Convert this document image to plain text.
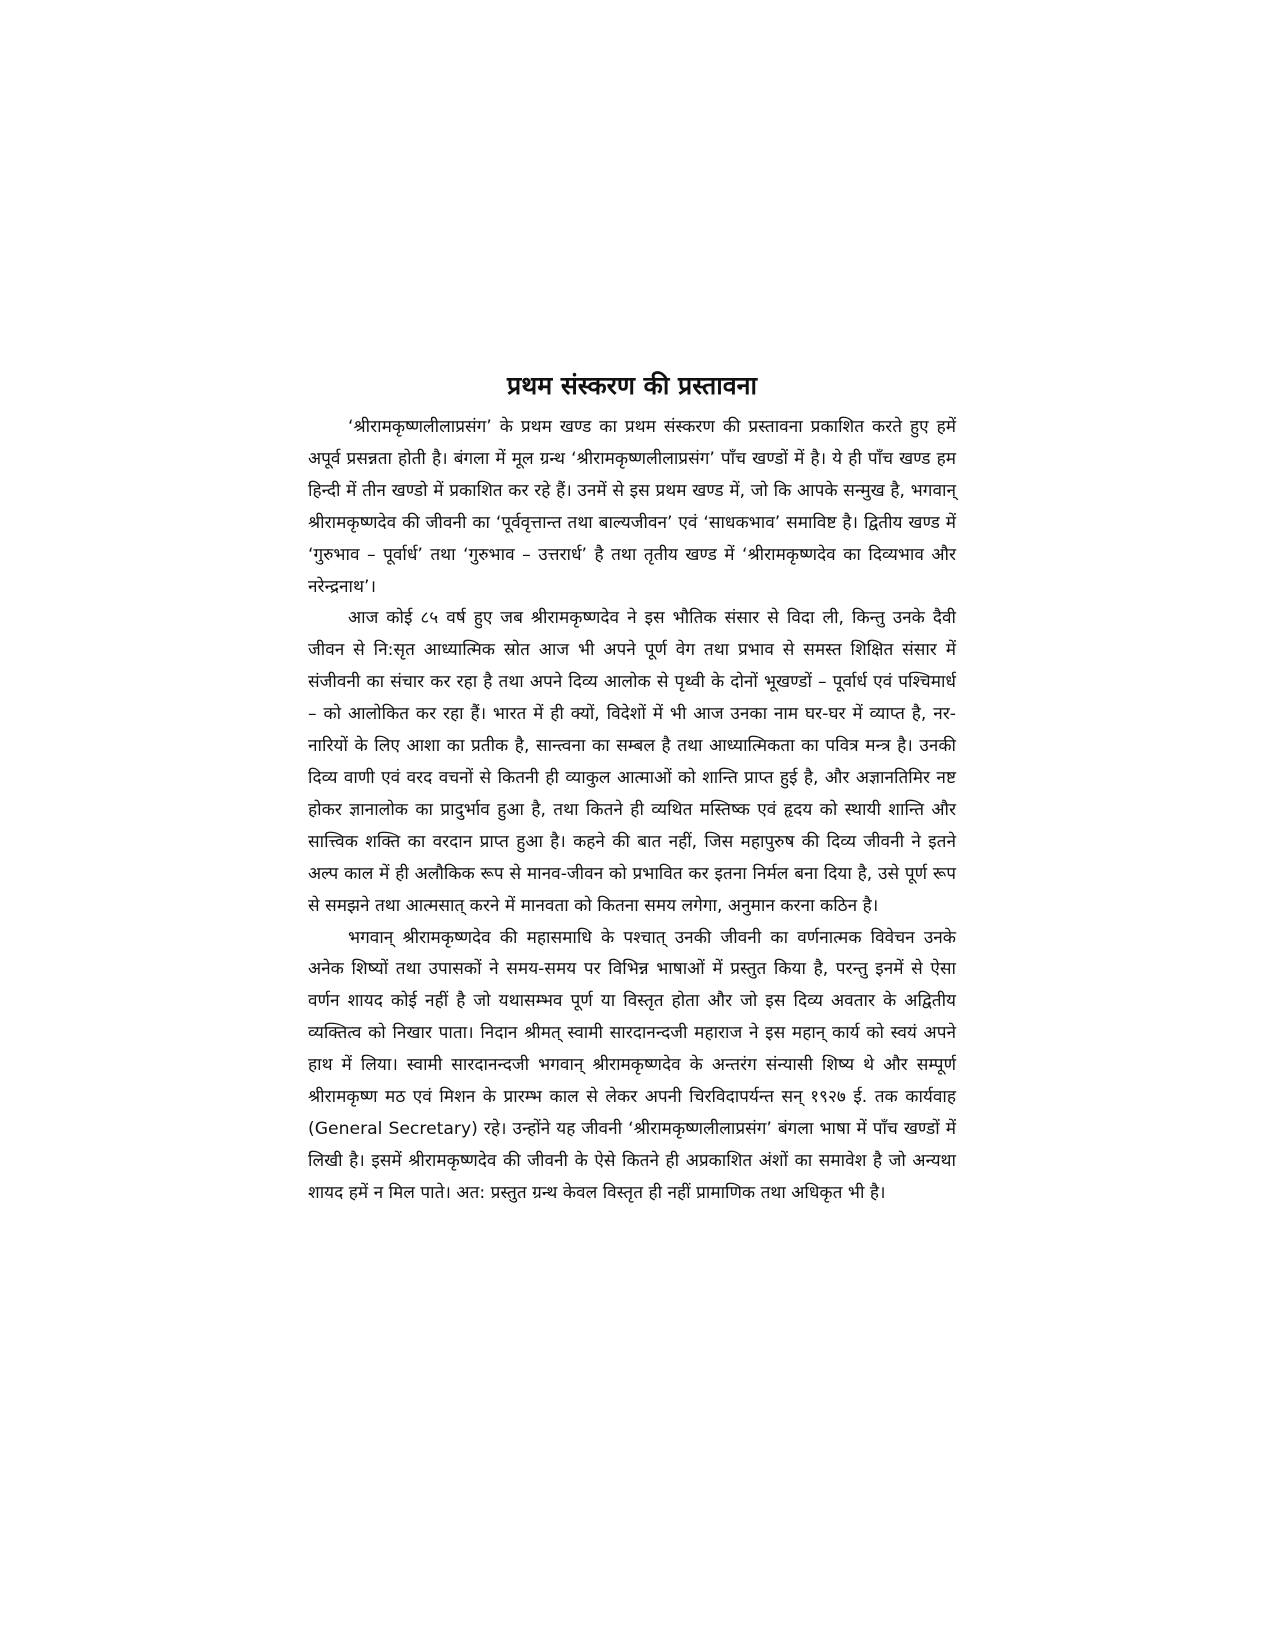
प्रथम संस्करण की प्रस्तावना

‘श्रीरामकृष्णलीलाप्रसंग’ के प्रथम खण्ड का प्रथम संस्करण की प्रस्तावना प्रकाशित करते हुए हमें अपूर्व प्रसन्नता होती है। बंगला में मूल ग्रन्थ ‘श्रीरामकृष्णलीलाप्रसंग’ पाँच खण्डों में है। ये ही पाँच खण्ड हम हिन्दी में तीन खण्डो में प्रकाशित कर रहे हैं। उनमें से इस प्रथम खण्ड में, जो कि आपके सन्मुख है, भगवान् श्रीरामकृष्णदेव की जीवनी का ‘पूर्ववृत्तान्त तथा बाल्यजीवन’ एवं ‘साधकभाव’ समाविष्ट है। द्वितीय खण्ड में ‘गुरुभाव – पूर्वार्ध’ तथा ‘गुरुभाव – उत्तरार्ध’ है तथा तृतीय खण्ड में ‘श्रीरामकृष्णदेव का दिव्यभाव और नरेन्द्रनाथ’।

आज कोई ८५ वर्ष हुए जब श्रीरामकृष्णदेव ने इस भौतिक संसार से विदा ली, किन्तु उनके दैवी जीवन से नि:सृत आध्यात्मिक स्रोत आज भी अपने पूर्ण वेग तथा प्रभाव से समस्त शिक्षित संसार में संजीवनी का संचार कर रहा है तथा अपने दिव्य आलोक से पृथ्वी के दोनों भूखण्डों – पूर्वार्ध एवं पश्चिमार्ध – को आलोकित कर रहा हैं। भारत में ही क्यों, विदेशों में भी आज उनका नाम घर-घर में व्याप्त है, नर-नारियों के लिए आशा का प्रतीक है, सान्त्वना का सम्बल है तथा आध्यात्मिकता का पवित्र मन्त्र है। उनकी दिव्य वाणी एवं वरद वचनों से कितनी ही व्याकुल आत्माओं को शान्ति प्राप्त हुई है, और अज्ञानतिमिर नष्ट होकर ज्ञानालोक का प्रादुर्भाव हुआ है, तथा कितने ही व्यथित मस्तिष्क एवं हृदय को स्थायी शान्ति और सात्त्विक शक्ति का वरदान प्राप्त हुआ है। कहने की बात नहीं, जिस महापुरुष की दिव्य जीवनी ने इतने अल्प काल में ही अलौकिक रूप से मानव-जीवन को प्रभावित कर इतना निर्मल बना दिया है, उसे पूर्ण रूप से समझने तथा आत्मसात् करने में मानवता को कितना समय लगेगा, अनुमान करना कठिन है।

भगवान् श्रीरामकृष्णदेव की महासमाधि के पश्चात् उनकी जीवनी का वर्णनात्मक विवेचन उनके अनेक शिष्यों तथा उपासकों ने समय-समय पर विभिन्न भाषाओं में प्रस्तुत किया है, परन्तु इनमें से ऐसा वर्णन शायद कोई नहीं है जो यथासम्भव पूर्ण या विस्तृत होता और जो इस दिव्य अवतार के अद्वितीय व्यक्तित्व को निखार पाता। निदान श्रीमत् स्वामी सारदानन्दजी महाराज ने इस महान् कार्य को स्वयं अपने हाथ में लिया। स्वामी सारदानन्दजी भगवान् श्रीरामकृष्णदेव के अन्तरंग संन्यासी शिष्य थे और सम्पूर्ण श्रीरामकृष्ण मठ एवं मिशन के प्रारम्भ काल से लेकर अपनी चिरविदापर्यन्त सन् १९२७ ई. तक कार्यवाह (General Secretary) रहे। उन्होंने यह जीवनी ‘श्रीरामकृष्णलीलाप्रसंग’ बंगला भाषा में पाँच खण्डों में लिखी है। इसमें श्रीरामकृष्णदेव की जीवनी के ऐसे कितने ही अप्रकाशित अंशों का समावेश है जो अन्यथा शायद हमें न मिल पाते। अत: प्रस्तुत ग्रन्थ केवल विस्तृत ही नहीं प्रामाणिक तथा अधिकृत भी है।
